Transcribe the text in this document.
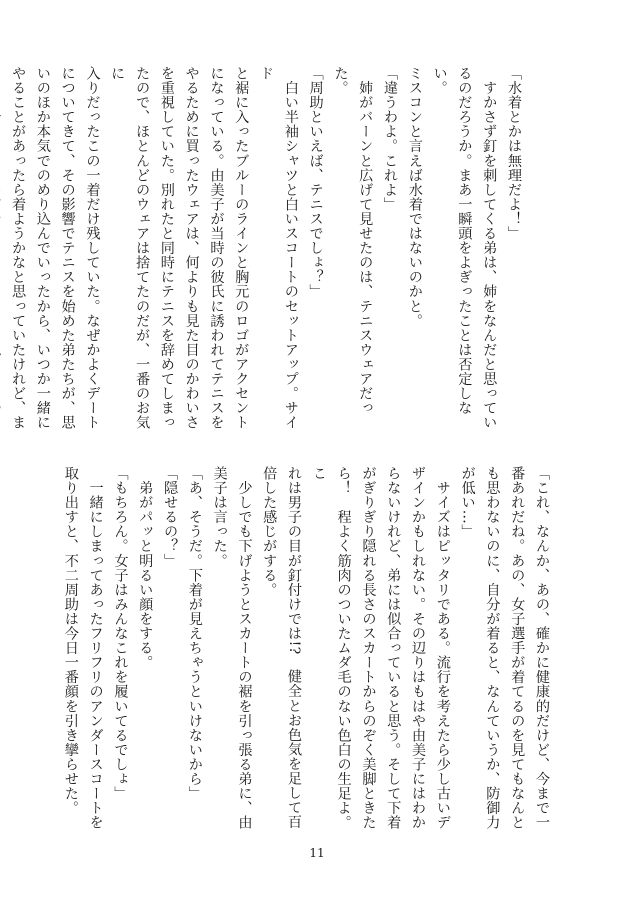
「水着とかは無理だよ！」

　すかさず釘を刺してくる弟は、姉をなんだと思ってい

るのだろうか。まあ一瞬頭をよぎったことは否定しない。

ミスコンと言えば水着ではないのかと。

「違うわよ。これよ」

　姉がバーンと広げて見せたのは、テニスウェアだった。

「周助といえば、テニスでしょ？」

　白い半袖シャツと白いスコートのセットアップ。サイド

と裾に入ったブルーのラインと胸元のロゴがアクセント

になっている。由美子が当時の彼氏に誘われてテニスを

やるために買ったウェアは、何よりも見た目のかわいさ

を重視していた。別れたと同時にテニスを辞めてしまっ

たので、ほとんどのウェアは捨てたのだが、一番のお気に

入りだったこの一着だけ残していた。なぜかよくデート

についてきて、その影響でテニスを始めた弟たちが、思

いのほか本気でのめり込んでいったから、いつか一緒に

やることがあったら着ようかなと思っていたけれど、ま

「これ、なんか、あの、確かに健康的だけど、今まで一

番あれだね。あの、女子選手が着てるのを見てもなんと

も思わないのに、自分が着ると、なんていうか、防御力

が低い…」

　サイズはピッタリである。流行を考えたら少し古いデ

ザインかもしれない。その辺りはもはや由美子にはわか

らないけれど、弟には似合っていると思う。そして下着

がぎりぎり隠れる長さのスカートからのぞく美脚ときた

ら！　程よく筋肉のついたムダ毛のない色白の生足よ。こ

れは男子の目が釘付けでは!?　健全とお色気を足して百

倍した感じがする。

　少しでも下げようとスカートの裾を引っ張る弟に、由

美子は言った。

「あ、そうだ。下着が見えちゃうといけないから」

「隠せるの？」

　弟がパッと明るい顔をする。

「もちろん。女子はみんなこれを履いてるでしょ」

　一緒にしまってあったフリフリのアンダースコートを

取り出すと、不二周助は今日一番顔を引き攣らせた。

11
